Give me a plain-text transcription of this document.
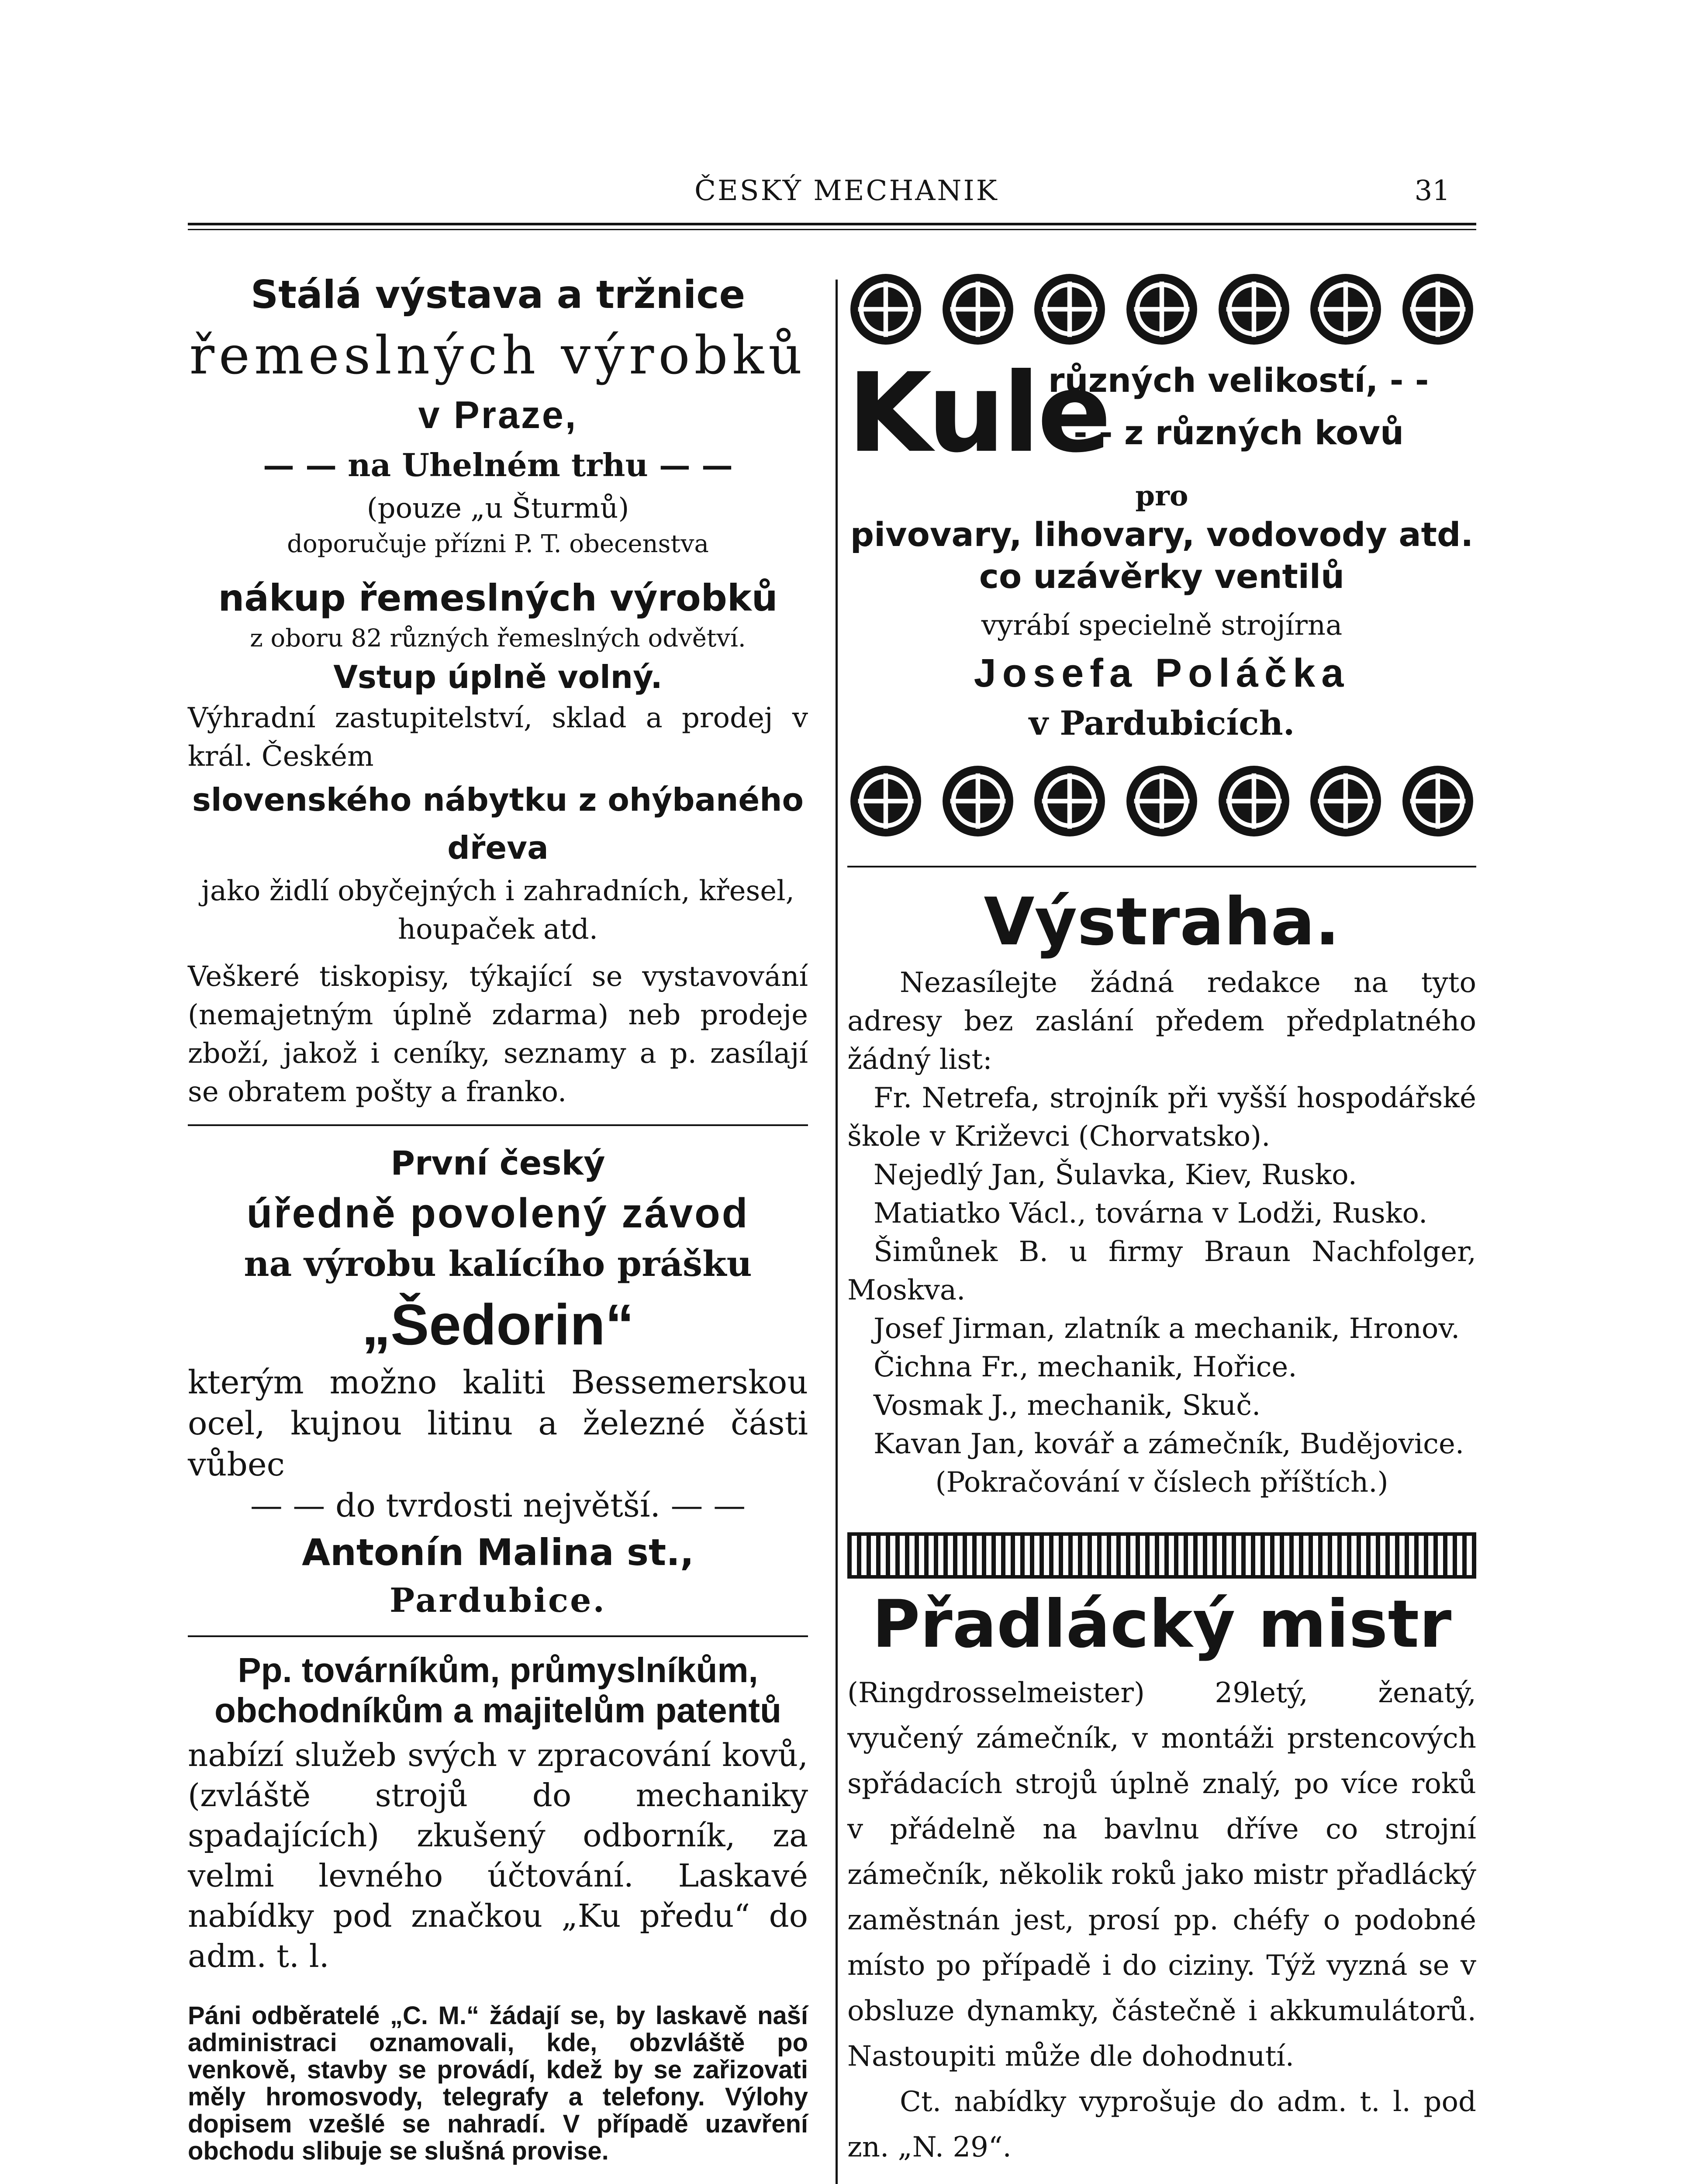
ČESKÝ MECHANIK	31

Stálá výstava a tržnice

řemeslných výrobků

v Praze,

— — na Uhelném trhu — —

(pouze „u Šturmů)

doporučuje přízni P. T. obecenstva

nákup řemeslných výrobků

z oboru 82 různých řemeslných odvětví.

Vstup úplně volný.

Výhradní zastupitelství, sklad a prodej v král. Českém

slovenského nábytku z ohýbaného dřeva

jako židlí obyčejných i zahradních, křesel, houpaček atd.

Veškeré tiskopisy, týkající se vystavování (nemajetným úplně zdarma) neb prodeje zboží, jakož i ceníky, seznamy a p. zasílají se obratem pošty a franko.

První český

úředně povolený závod

na výrobu kalícího prášku

„Šedorin“

kterým možno kaliti Bessemerskou ocel, kujnou litinu a železné části vůbec

— — do tvrdosti největší. — —

Antonín Malina st.,

Pardubice.

Pp. továrníkům, průmyslníkům, obchodníkům a majitelům patentů

nabízí služeb svých v zpracování kovů, (zvláště strojů do mechaniky spadajících) zkušený odborník, za velmi levného účtování. Laskavé nabídky pod značkou „Ku předu“ do adm. t. l.

Páni odběratelé „C. M.“ žádají se, by laskavě naší administraci oznamovali, kde, obzvláště po venkově, stavby se provádí, kdež by se zařizovati měly hromosvody, telegrafy a telefony. Výlohy dopisem vzešlé se nahradí. V případě uzavření obchodu slibuje se slušná provise.

Kule
různých velikostí, - -
- - - z různých kovů

pro

pivovary, lihovary, vodovody atd. co uzávěrky ventilů

vyrábí specielně strojírna

Josefa Poláčka

v Pardubicích.

Výstraha.

Nezasílejte žádná redakce na tyto adresy bez zaslání předem předplatného žádný list:

Fr. Netrefa, strojník při vyšší hospodářské škole v Križevci (Chorvatsko).

Nejedlý Jan, Šulavka, Kiev, Rusko.

Matiatko Václ., továrna v Lodži, Rusko.

Šimůnek B. u firmy Braun Nachfolger, Moskva.

Josef Jirman, zlatník a mechanik, Hronov.

Čichna Fr., mechanik, Hořice.

Vosmak J., mechanik, Skuč.

Kavan Jan, kovář a zámečník, Budějovice.

(Pokračování v číslech příštích.)

Přadlácký mistr

(Ringdrosselmeister) 29letý, ženatý, vyučený zámečník, v montáži prstencových spřádacích strojů úplně znalý, po více roků v přádelně na bavlnu dříve co strojní zámečník, několik roků jako mistr přadlácký zaměstnán jest, prosí pp. chéfy o podobné místo po případě i do ciziny. Týž vyzná se v obsluze dynamky, částečně i akkumulátorů. Nastoupiti může dle dohodnutí.

Ct. nabídky vyprošuje do adm. t. l. pod zn. „N. 29“.
